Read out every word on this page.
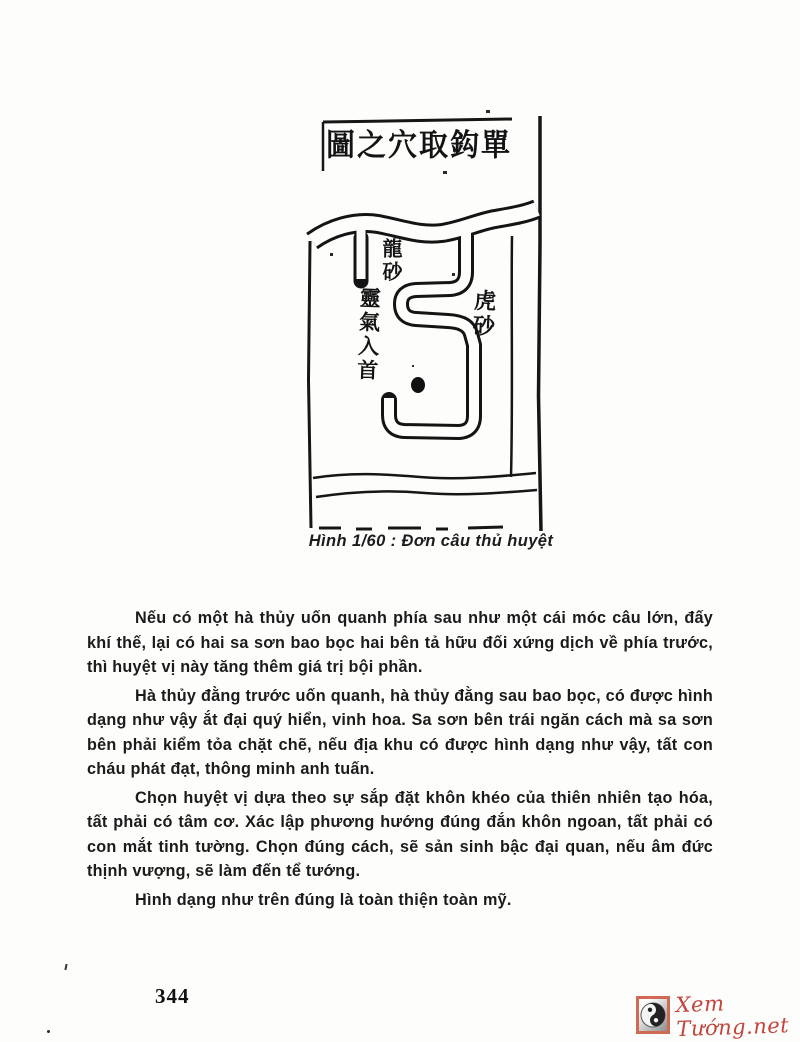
圖之穴取鈎單
龍砂
靈氣入首	虎砂
Hình 1/60 : Đơn câu thủ huyệt

Nếu có một hà thủy uốn quanh phía sau như một cái móc câu lớn, đấy khí thế, lại có hai sa sơn bao bọc hai bên tả hữu đối xứng dịch về phía trước, thì huyệt vị này tăng thêm giá trị bội phần.

Hà thủy đằng trước uốn quanh, hà thủy đằng sau bao bọc, có được hình dạng như vậy ắt đại quý hiển, vinh hoa. Sa sơn bên trái ngăn cách mà sa sơn bên phải kiểm tỏa chặt chẽ, nếu địa khu có được hình dạng như vậy, tất con cháu phát đạt, thông minh anh tuấn.

Chọn huyệt vị dựa theo sự sắp đặt khôn khéo của thiên nhiên tạo hóa, tất phải có tâm cơ. Xác lập phương hướng đúng đắn khôn ngoan, tất phải có con mắt tinh tường. Chọn đúng cách, sẽ sản sinh bậc đại quan, nếu âm đức thịnh vượng, sẽ làm đến tể tướng.

Hình dạng như trên đúng là toàn thiện toàn mỹ.

344	Xem Tướng.net
